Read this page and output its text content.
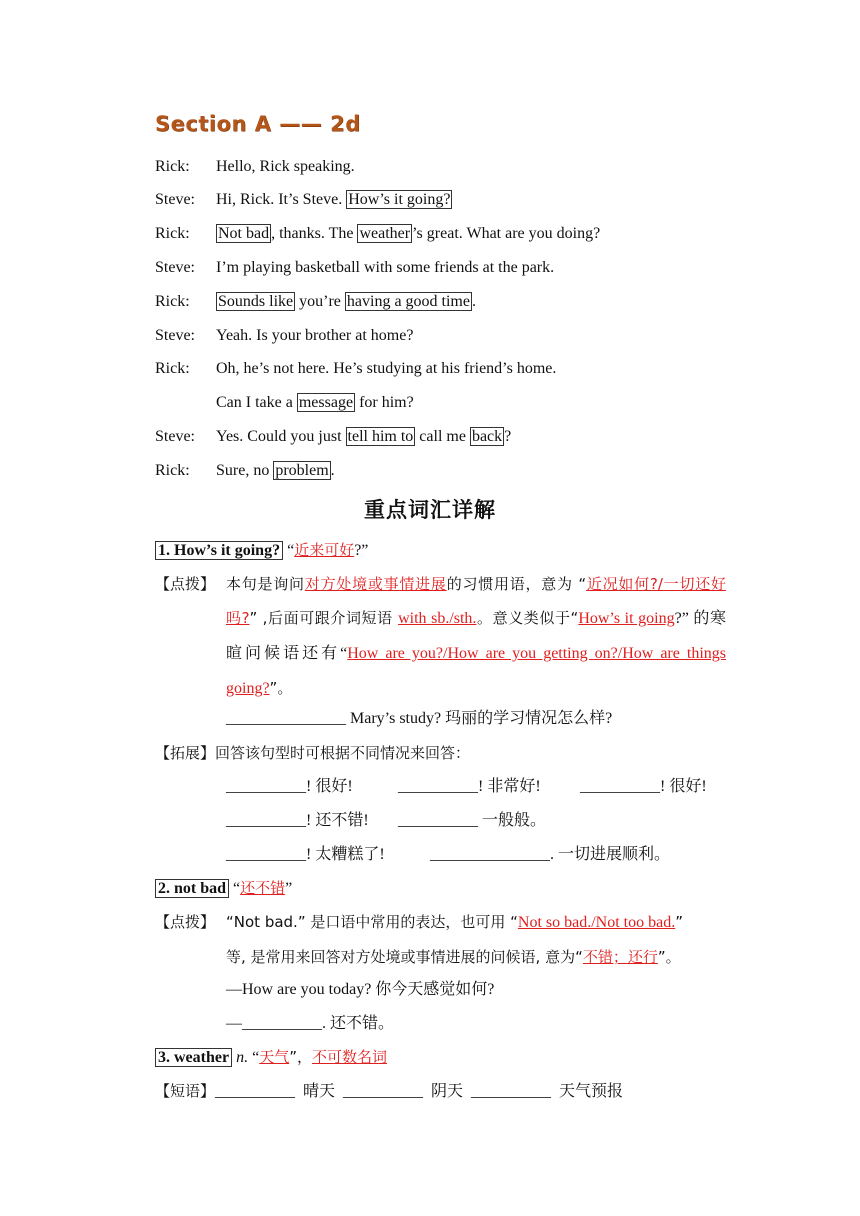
Section A —— 2d
Rick: Hello, Rick speaking.
Steve: Hi, Rick. It’s Steve. How’s it going?
Rick: Not bad , thanks. The weather ’s great. What are you doing?
Steve: I’m playing basketball with some friends at the park.
Rick: Sounds like you’re having a good time .
Steve: Yeah. Is your brother at home?
Rick: Oh, he’s not here. He’s studying at his friend’s home.
Can I take a message for him?
Steve: Yes. Could you just tell him to call me back ?
Rick: Sure, no problem .
重点词汇详解
1. How’s it going? “近来可好?”
【点拨】 本句是询问对方处境或事情进展的习惯用语，意为 “近况如何?/一切还好吗?” ,后面可跟介词短语 with sb./sth.。意义类似于“How’s it going?” 的寒暄问候语还有“How are you?/How are you getting on?/How are things going?”。
_______________ Mary’s study? 玛丽的学习情况怎么样?
【拓展】回答该句型时可根据不同情况来回答：
__________! 很好!	__________! 非常好! __________! 很好!
__________! 还不错! __________ 一般般。
__________! 太糟糕了!	_______________. 一切进展顺利。
2. not bad “还不错”
【点拨】 “Not bad.” 是口语中常用的表达，也可用 “Not so bad./Not too bad.”
等, 是常用来回答对方处境或事情进展的问候语, 意为“不错；还行”。
—How are you today? 你今天感觉如何?
—__________. 还不错。
3. weather n. “天气”，不可数名词
【短语】__________  晴天  __________  阴天  __________  天气预报
